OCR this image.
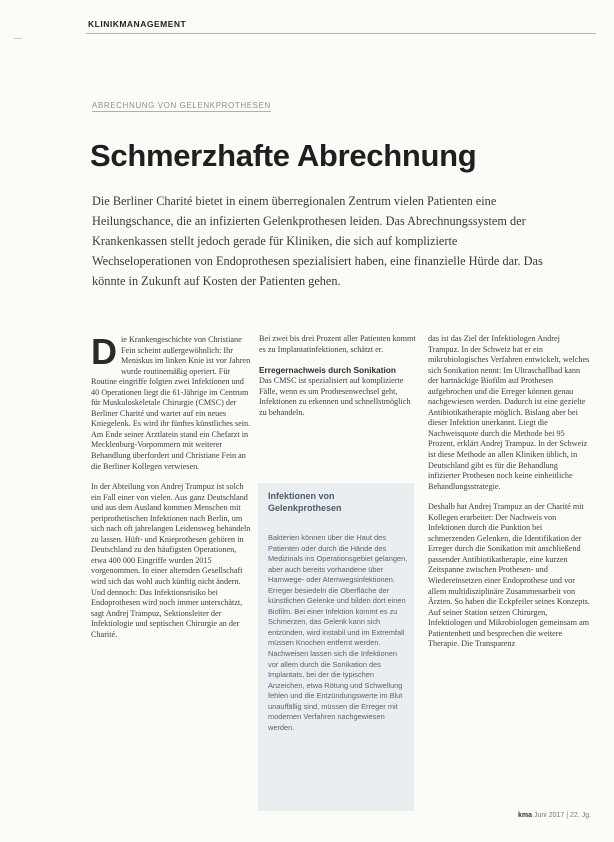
KLINIKMANAGEMENT
ABRECHNUNG VON GELENKPROTHESEN
Schmerzhafte Abrechnung
Die Berliner Charité bietet in einem überregionalen Zentrum vielen Patienten eine Heilungschance, die an infizierten Gelenkprothesen leiden. Das Abrechnungssystem der Krankenkassen stellt jedoch gerade für Kliniken, die sich auf komplizierte Wechseloperationen von Endoprothesen spezialisiert haben, eine finanzielle Hürde dar. Das könnte in Zukunft auf Kosten der Patienten gehen.
D ie Krankengeschichte von Christiane Fein scheint außergewöhnlich: Ihr Meniskus im linken Knie ist vor Jahren wurde routinemäßig operiert. Für Routine eingriffe folgten zwei Infektionen und 40 Operationen liegt die 61-Jährige im Centrum für Muskuloskeletale Chirurgie (CMSC) der Berliner Charité und wartet auf ein neues Kniegelenk. Es wird ihr fünftes künstliches sein. Am Ende seiner Arztlatein stand ein Chefarzt in Mecklenburg-Vorpommern mit weiterer Behandlung überfordert und Christiane Fein an die Berliner Kollegen verwiesen.

In der Abteilung von Andrej Trampuz ist solch ein Fall einer von vielen. Aus ganz Deutschland und aus dem Ausland kommen Menschen mit periprothetischen Infektionen nach Berlin, um sich nach oft jahrelangen Leidensweg behandeln zu lassen. Hüft- und Knieprothesen gehören in Deutschland zu den häufigsten Operationen, etwa 400 000 Eingriffe wurden 2015 vorgenommen. In einer alternden Gesellschaft wird sich das wohl auch künftig nicht ändern. Und dennoch: Das Infektionsrisiko bei Endoprothesen wird noch immer unterschätzt, sagt Andrej Trampuz, Sektionsleiter der Infektiologie und septischen Chirurgie an der Charité.

Bei zwei bis drei Prozent aller Patienten kommt es zu Implantatinfektionen, schätzt er.

Erregernachweis durch Sonikation

Das CMSC ist spezialisiert auf komplizierte Fälle, wenn es um Prothesenwechsel geht, Infektionen zu erkennen und schnellstmöglich zu behandeln.

Infektionen von Gelenkprothesen
Bakterien können über die Haut des Patienten oder durch die Hände des Medizinals ins Operationsgebiet gelangen, aber auch bereits vorhandene über Harnwege- oder Atemwegsinfektionen. Erreger besiedeln die Oberfläche der künstlichen Gelenke und bilden dort einen Biofilm. Bei einer Infektion kommt es zu Schmerzen, das Gelenk kann sich entzünden, wird instabil und im Extremfall müssen Knochen entfernt werden. Nachweisen lassen sich die Infektionen vor allem durch die Sonikation des Implantats, bei der die typischen Anzeichen, etwa Rötung und Schwellung fehlen und die Entzündungswerte im Blut unauffällig sind, müssen die Erreger mit modernen Verfahren nachgewiesen werden.

das ist das Ziel der Infektiologen Andrej Trampuz. In der Schweiz hat er ein mikrobiologisches Verfahren entwickelt, welches sich Sonikation nennt: Im Ultraschallbad kann der hartnäckige Biofilm auf Prothesen aufgebrochen und die Erreger können genau nachgewiesen werden. Dadurch ist eine gezielte Antibiotikatherapie möglich. Bislang aber bei dieser Infektion unerkannt. Liegt die Nachweisquote durch die Methode bei 95 Prozent, erklärt Andrej Trampuz. In der Schweiz ist diese Methode an allen Kliniken üblich, in Deutschland gibt es für die Behandlung infizierter Prothesen noch keine einheitliche Behandlungsstrategie.

Deshalb hat Andrej Trampuz an der Charité mit Kollegen erarbeitet: Der Nachweis von Infektionen durch die Punktion bei schmerzenden Gelenken, die Identifikation der Erreger durch die Sonikation mit anschließend passender Antibiotikatherapie, eine kurzen Zeitspanne zwischen Prothesen- und Wiedereinsetzen einer Endoprothese und vor allem multidisziplinäre Zusammenarbeit von Ärzten. So haben die Eckpfeiler seines Konzepts. Auf seiner Station setzen Chirurgen, Infektiologen und Mikrobiologen gemeinsam am Patientenbett und besprechen die weitere Therapie. Die Transparenz

kma Juni 2017 | 22. Jg.
